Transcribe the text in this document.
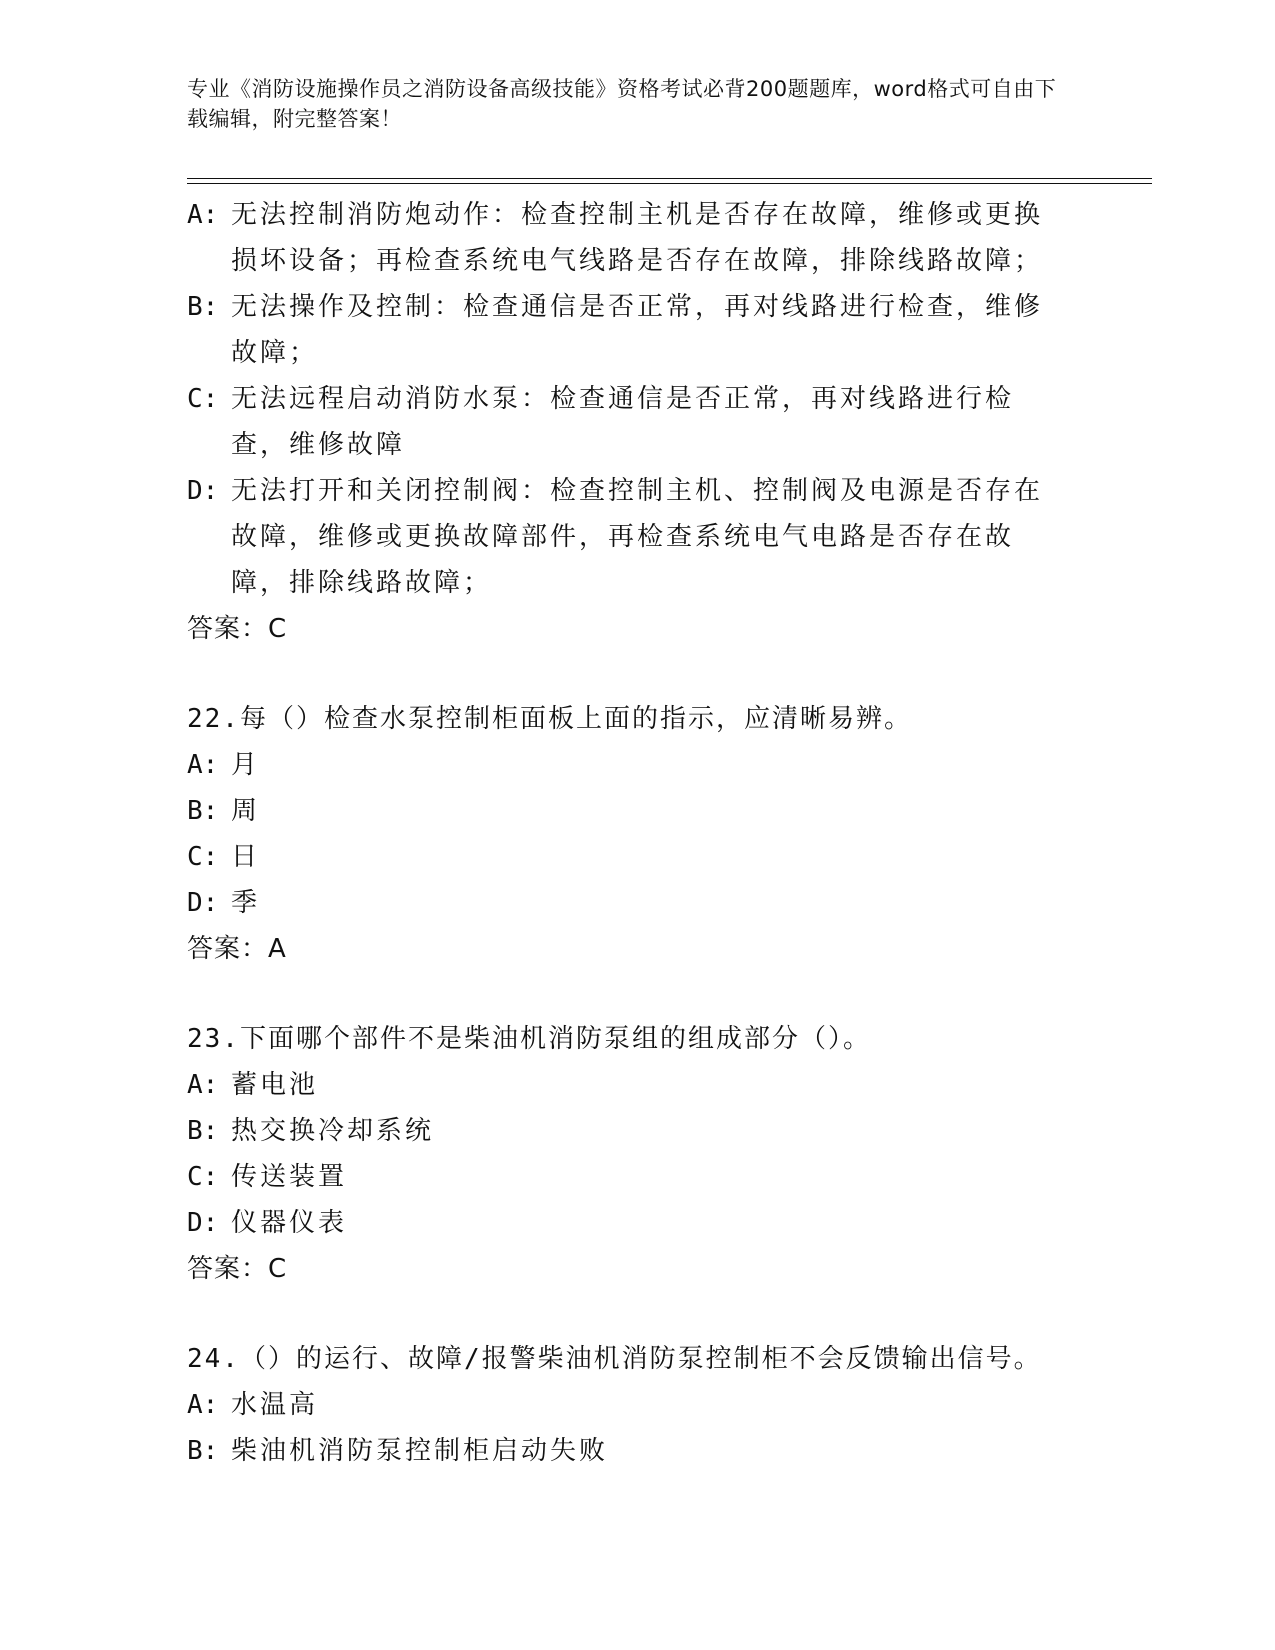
专业《消防设施操作员之消防设备高级技能》资格考试必背200题题库，word格式可自由下载编辑，附完整答案！
A: 无法控制消防炮动作：检查控制主机是否存在故障，维修或更换损坏设备；再检查系统电气线路是否存在故障，排除线路故障；
B: 无法操作及控制：检查通信是否正常，再对线路进行检查，维修故障；
C: 无法远程启动消防水泵：检查通信是否正常，再对线路进行检查，维修故障
D: 无法打开和关闭控制阀：检查控制主机、控制阀及电源是否存在故障，维修或更换故障部件，再检查系统电气电路是否存在故障，排除线路故障；
答案：C
22.每（）检查水泵控制柜面板上面的指示，应清晰易辨。
A: 月
B: 周
C: 日
D: 季
答案：A
23.下面哪个部件不是柴油机消防泵组的组成部分（）。
A: 蓄电池
B: 热交换冷却系统
C: 传送装置
D: 仪器仪表
答案：C
24.（）的运行、故障/报警柴油机消防泵控制柜不会反馈输出信号。
A: 水温高
B: 柴油机消防泵控制柜启动失败
